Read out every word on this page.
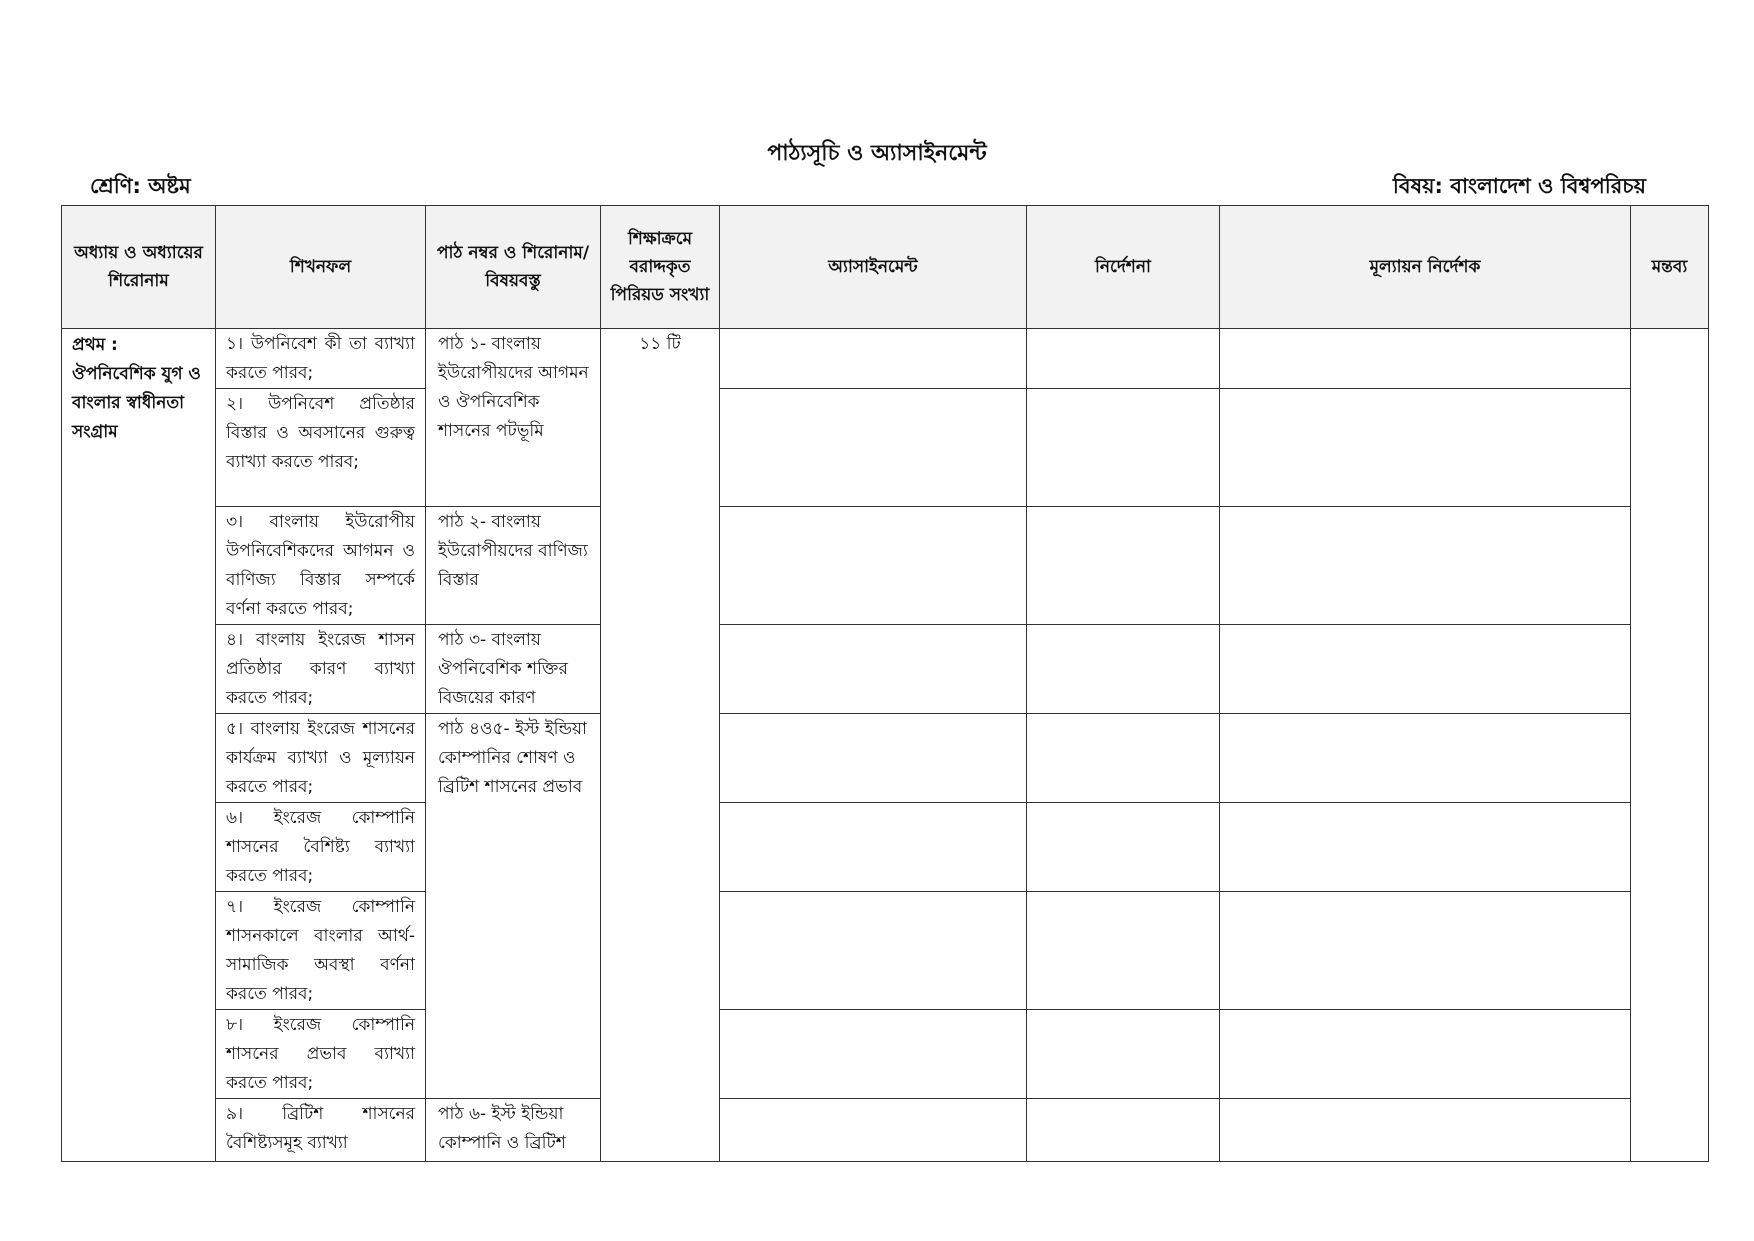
পাঠ্যসূচি ও অ্যাসাইনমেন্ট
শ্রেণি: অষ্টম	বিষয়: বাংলাদেশ ও বিশ্বপরিচয়
অধ্যায় ও অধ্যায়ের শিরোনাম	শিখনফল	পাঠ নম্বর ও শিরোনাম/ বিষয়বস্তু	শিক্ষাক্রমে বরাদ্দকৃত পিরিয়ড সংখ্যা	অ্যাসাইনমেন্ট	নির্দেশনা	মূল্যায়ন নির্দেশক	মন্তব্য
প্রথম : ঔপনিবেশিক যুগ ও বাংলার স্বাধীনতা সংগ্রাম	১। উপনিবেশ কী তা ব্যাখ্যা করতে পারব;	পাঠ ১- বাংলায় ইউরোপীয়দের আগমন ও ঔপনিবেশিক শাসনের পটভূমি	১১ টি				
	২। উপনিবেশ প্রতিষ্ঠার বিস্তার ও অবসানের গুরুত্ব ব্যাখ্যা করতে পারব;						
	৩। বাংলায় ইউরোপীয় উপনিবেশিকদের আগমন ও বাণিজ্য বিস্তার সম্পর্কে বর্ণনা করতে পারব;	পাঠ ২- বাংলায় ইউরোপীয়দের বাণিজ্য বিস্তার					
	৪। বাংলায় ইংরেজ শাসন প্রতিষ্ঠার কারণ ব্যাখ্যা করতে পারব;	পাঠ ৩- বাংলায় ঔপনিবেশিক শক্তির বিজয়ের কারণ					
	৫। বাংলায় ইংরেজ শাসনের কার্যক্রম ব্যাখ্যা ও মূল্যায়ন করতে পারব;	পাঠ ৪ও৫- ইস্ট ইন্ডিয়া কোম্পানির শোষণ ও ব্রিটিশ শাসনের প্রভাব					
	৬। ইংরেজ কোম্পানি শাসনের বৈশিষ্ট্য ব্যাখ্যা করতে পারব;						
	৭। ইংরেজ কোম্পানি শাসনকালে বাংলার আর্থ-সামাজিক অবস্থা বর্ণনা করতে পারব;						
	৮। ইংরেজ কোম্পানি শাসনের প্রভাব ব্যাখ্যা করতে পারব;						
	৯। ব্রিটিশ শাসনের বৈশিষ্ট্যসমূহ ব্যাখ্যা	পাঠ ৬- ইস্ট ইন্ডিয়া কোম্পানি ও ব্রিটিশ					
